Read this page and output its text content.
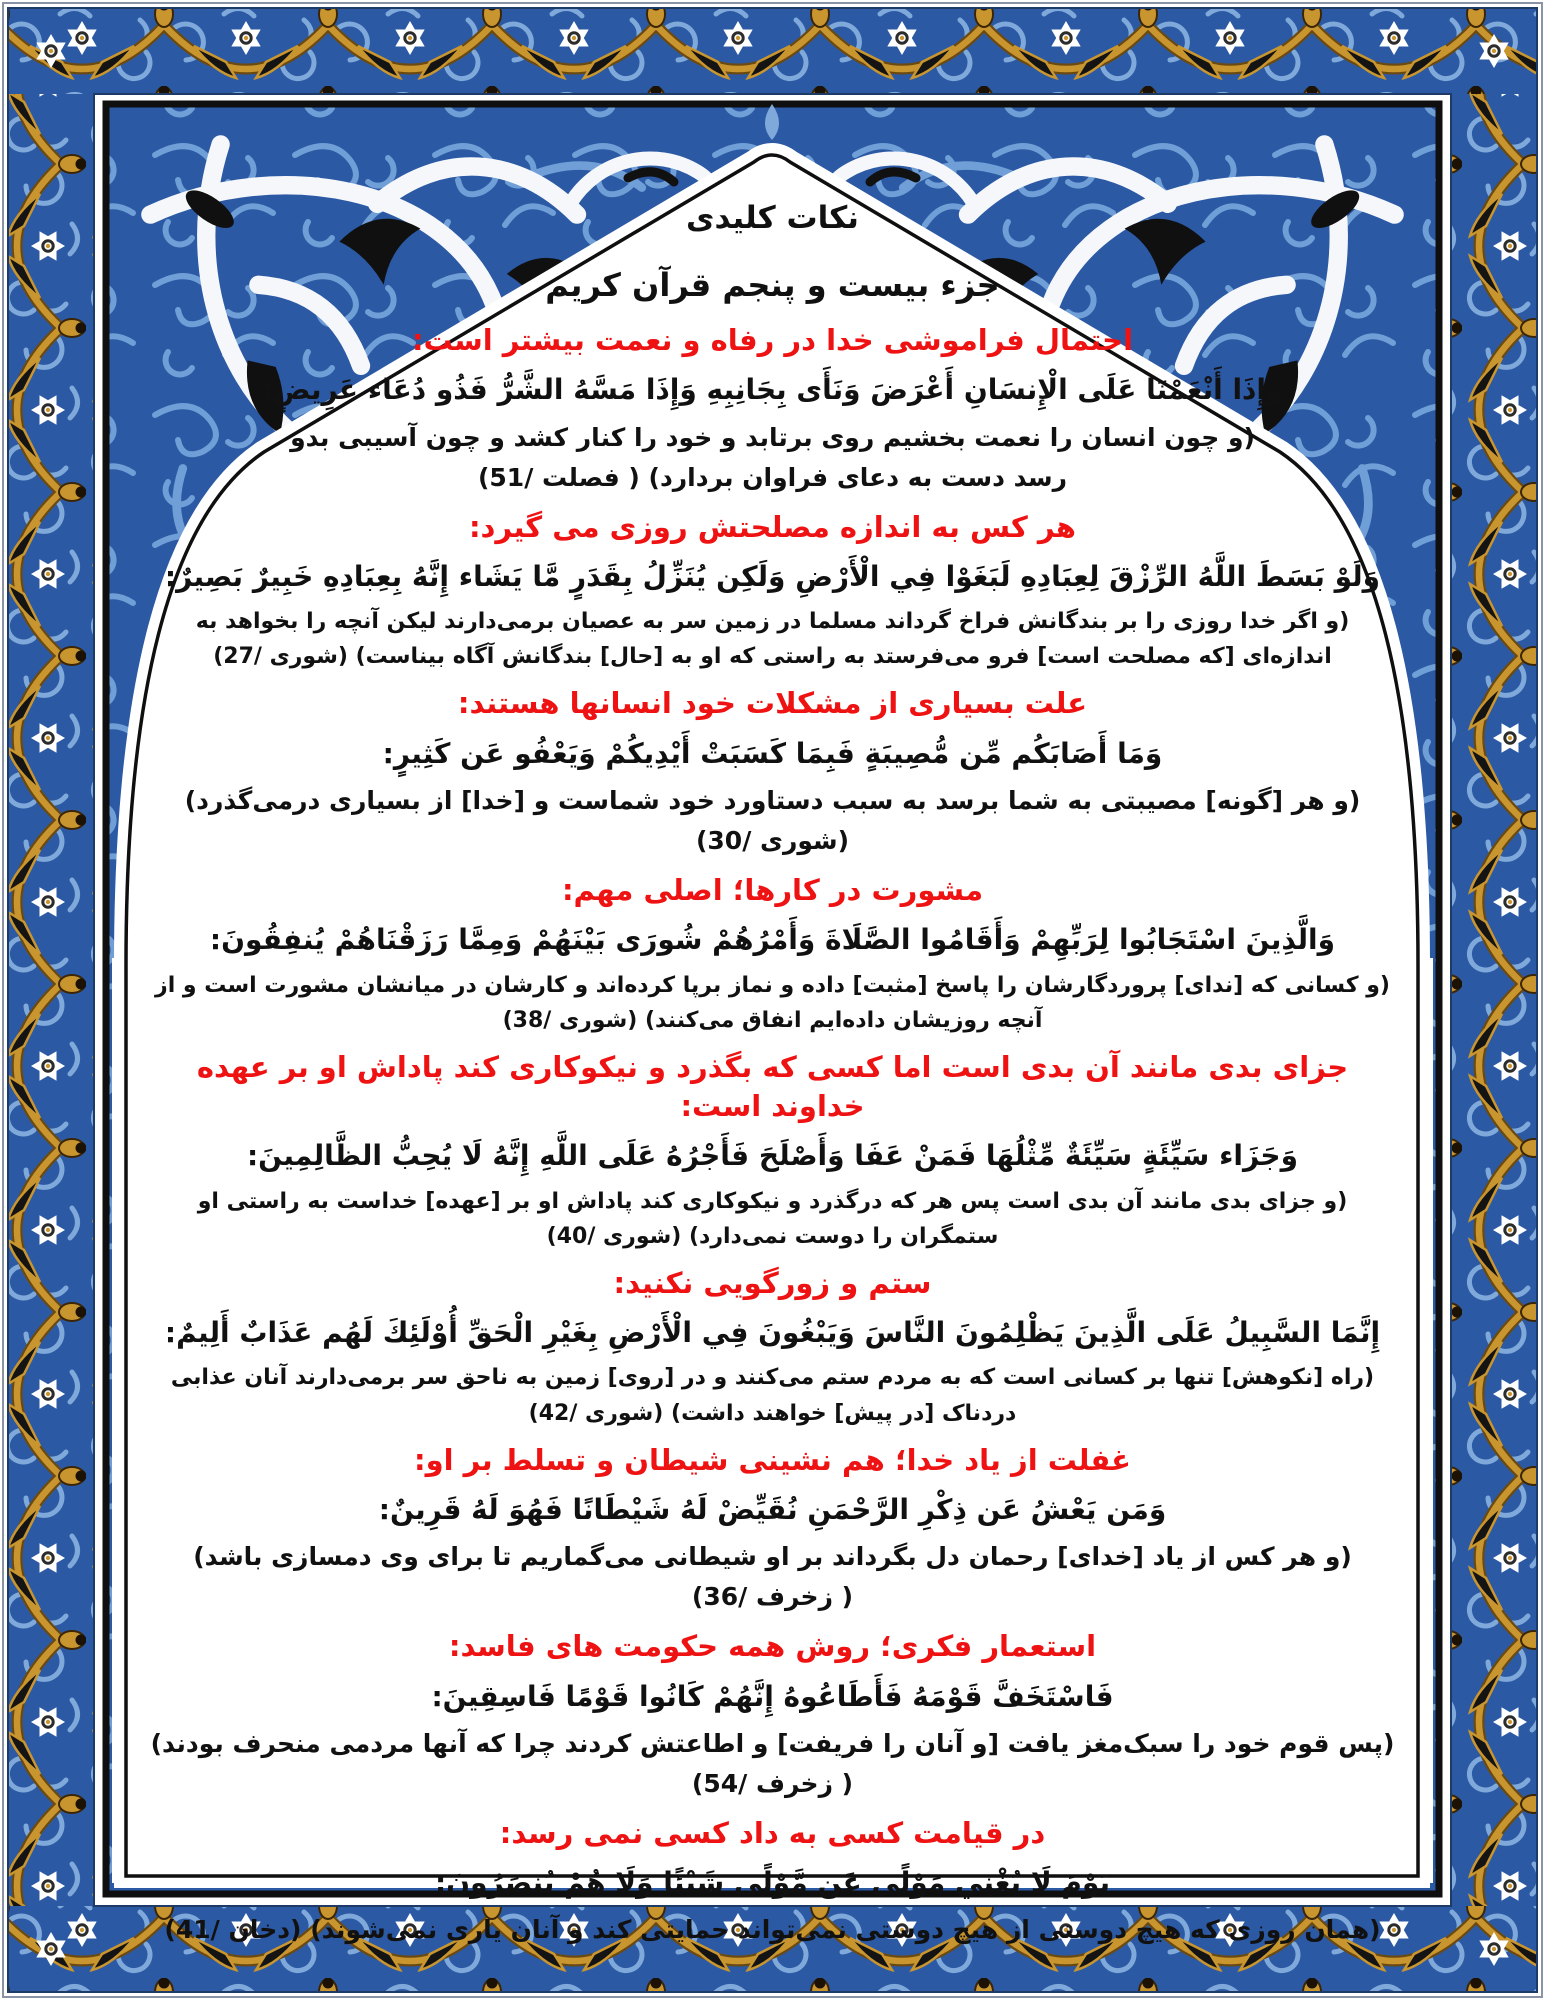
نکات کلیدی
جزء بیست و پنجم قرآن کریم
احتمال فراموشی خدا در رفاه و نعمت بیشتر است:
وَإِذَا أَنْعَمْنَا عَلَى الْإِنسَانِ أَعْرَضَ وَنَأَى بِجَانِبِهِ وَإِذَا مَسَّهُ الشَّرُّ فَذُو دُعَاء عَرِيضٍ:
(و چون انسان را نعمت بخشیم روی برتابد و خود را کنار کشد و چون آسیبی بدو رسد دست به دعای فراوان بردارد) ( فصلت /51)
هر کس به اندازه مصلحتش روزی می گیرد:
وَلَوْ بَسَطَ اللَّهُ الرِّزْقَ لِعِبَادِهِ لَبَغَوْا فِي الْأَرْضِ وَلَكِن يُنَزِّلُ بِقَدَرٍ مَّا يَشَاء إِنَّهُ بِعِبَادِهِ خَبِيرٌ بَصِيرٌ:
(و اگر خدا روزی را بر بندگانش فراخ گرداند مسلما در زمین سر به عصیان برمی‌دارند لیکن آنچه را بخواهد به اندازه‌ای [که مصلحت است] فرو می‌فرستد به راستی که او به [حال] بندگانش آگاه بیناست) (شوری /27)
علت بسیاری از مشکلات خود انسانها هستند:
وَمَا أَصَابَكُم مِّن مُّصِيبَةٍ فَبِمَا كَسَبَتْ أَيْدِيكُمْ وَيَعْفُو عَن كَثِيرٍ:
(و هر [گونه] مصیبتی به شما برسد به سبب دستاورد خود شماست و [خدا] از بسیاری درمی‌گذرد) (شوری /30)
مشورت در کارها؛ اصلی مهم:
وَالَّذِينَ اسْتَجَابُوا لِرَبِّهِمْ وَأَقَامُوا الصَّلَاةَ وَأَمْرُهُمْ شُورَى بَيْنَهُمْ وَمِمَّا رَزَقْنَاهُمْ يُنفِقُونَ:
(و کسانی که [ندای] پروردگارشان را پاسخ [مثبت] داده و نماز برپا کرده‌اند و کارشان در میانشان مشورت است و از آنچه روزیشان داده‌ایم انفاق می‌کنند) (شوری /38)
جزای بدی مانند آن بدی است اما کسی که بگذرد و نیکوکاری کند پاداش او بر عهده خداوند است:
وَجَزَاء سَيِّئَةٍ سَيِّئَةٌ مِّثْلُهَا فَمَنْ عَفَا وَأَصْلَحَ فَأَجْرُهُ عَلَى اللَّهِ إِنَّهُ لَا يُحِبُّ الظَّالِمِينَ:
(و جزای بدی مانند آن بدی است پس هر که درگذرد و نیکوکاری کند پاداش او بر [عهده] خداست به راستی او ستمگران را دوست نمی‌دارد) (شوری /40)
ستم و زورگویی نکنید:
إِنَّمَا السَّبِيلُ عَلَى الَّذِينَ يَظْلِمُونَ النَّاسَ وَيَبْغُونَ فِي الْأَرْضِ بِغَيْرِ الْحَقِّ أُوْلَئِكَ لَهُم عَذَابٌ أَلِيمٌ:
(راه [نکوهش] تنها بر کسانی است که به مردم ستم می‌کنند و در [روی] زمین به ناحق سر برمی‌دارند آنان عذابی دردناک [در پیش] خواهند داشت) (شوری /42)
غفلت از یاد خدا؛ هم نشینی شیطان و تسلط بر او:
وَمَن يَعْشُ عَن ذِكْرِ الرَّحْمَنِ نُقَيِّضْ لَهُ شَيْطَانًا فَهُوَ لَهُ قَرِينٌ:
(و هر کس از یاد [خدای] رحمان دل بگرداند بر او شیطانی می‌گماریم تا برای وی دمسازی باشد) ( زخرف /36)
استعمار فکری؛ روش همه حکومت های فاسد:
فَاسْتَخَفَّ قَوْمَهُ فَأَطَاعُوهُ إِنَّهُمْ كَانُوا قَوْمًا فَاسِقِينَ:
(پس قوم خود را سبک‌مغز یافت [و آنان را فریفت] و اطاعتش کردند چرا که آنها مردمی منحرف بودند) ( زخرف /54)
در قیامت کسی به داد کسی نمی رسد:
يَوْمَ لَا يُغْنِي مَوْلًى عَن مَّوْلًى شَيْئًا وَلَا هُمْ يُنصَرُونَ:
(همان روزی که هیچ دوستی از هیچ دوستی نمی‌تواند حمایتی کند و آنان یاری نمی‌شوند) (دخان /41)
